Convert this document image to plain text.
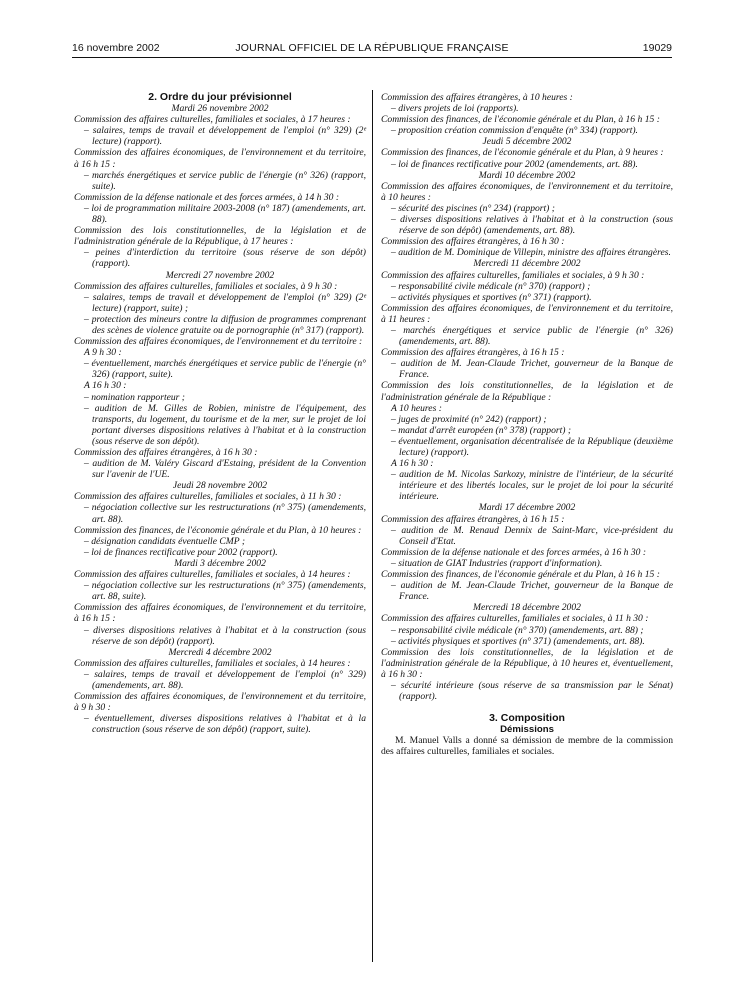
16 novembre 2002	JOURNAL OFFICIEL DE LA RÉPUBLIQUE FRANÇAISE	19029

2. Ordre du jour prévisionnel

Mardi 26 novembre 2002

Commission des affaires culturelles, familiales et sociales, à 17 heures :

– salaires, temps de travail et développement de l'emploi (n° 329) (2ᵉ lecture) (rapport).

Commission des affaires économiques, de l'environnement et du territoire, à 16 h 15 :

– marchés énergétiques et service public de l'énergie (n° 326) (rapport, suite).

Commission de la défense nationale et des forces armées, à 14 h 30 :

– loi de programmation militaire 2003-2008 (n° 187) (amendements, art. 88).

Commission des lois constitutionnelles, de la législation et de l'administration générale de la République, à 17 heures :

– peines d'interdiction du territoire (sous réserve de son dépôt) (rapport).

Mercredi 27 novembre 2002

Commission des affaires culturelles, familiales et sociales, à 9 h 30 :

– salaires, temps de travail et développement de l'emploi (n° 329) (2ᵉ lecture) (rapport, suite) ;

– protection des mineurs contre la diffusion de programmes comprenant des scènes de violence gratuite ou de pornographie (n° 317) (rapport).

Commission des affaires économiques, de l'environnement et du territoire :

A 9 h 30 :

– éventuellement, marchés énergétiques et service public de l'énergie (n° 326) (rapport, suite).

A 16 h 30 :

– nomination rapporteur ;

– audition de M. Gilles de Robien, ministre de l'équipement, des transports, du logement, du tourisme et de la mer, sur le projet de loi portant diverses dispositions relatives à l'habitat et à la construction (sous réserve de son dépôt).

Commission des affaires étrangères, à 16 h 30 :

– audition de M. Valéry Giscard d'Estaing, président de la Convention sur l'avenir de l'UE.

Jeudi 28 novembre 2002

Commission des affaires culturelles, familiales et sociales, à 11 h 30 :

– négociation collective sur les restructurations (n° 375) (amendements, art. 88).

Commission des finances, de l'économie générale et du Plan, à 10 heures :

– désignation candidats éventuelle CMP ;

– loi de finances rectificative pour 2002 (rapport).

Mardi 3 décembre 2002

Commission des affaires culturelles, familiales et sociales, à 14 heures :

– négociation collective sur les restructurations (n° 375) (amendements, art. 88, suite).

Commission des affaires économiques, de l'environnement et du territoire, à 16 h 15 :

– diverses dispositions relatives à l'habitat et à la construction (sous réserve de son dépôt) (rapport).

Mercredi 4 décembre 2002

Commission des affaires culturelles, familiales et sociales, à 14 heures :

– salaires, temps de travail et développement de l'emploi (n° 329) (amendements, art. 88).

Commission des affaires économiques, de l'environnement et du territoire, à 9 h 30 :

– éventuellement, diverses dispositions relatives à l'habitat et à la construction (sous réserve de son dépôt) (rapport, suite).

Commission des affaires étrangères, à 10 heures :

– divers projets de loi (rapports).

Commission des finances, de l'économie générale et du Plan, à 16 h 15 :

– proposition création commission d'enquête (n° 334) (rapport).

Jeudi 5 décembre 2002

Commission des finances, de l'économie générale et du Plan, à 9 heures :

– loi de finances rectificative pour 2002 (amendements, art. 88).

Mardi 10 décembre 2002

Commission des affaires économiques, de l'environnement et du territoire, à 10 heures :

– sécurité des piscines (n° 234) (rapport) ;

– diverses dispositions relatives à l'habitat et à la construction (sous réserve de son dépôt) (amendements, art. 88).

Commission des affaires étrangères, à 16 h 30 :

– audition de M. Dominique de Villepin, ministre des affaires étrangères.

Mercredi 11 décembre 2002

Commission des affaires culturelles, familiales et sociales, à 9 h 30 :

– responsabilité civile médicale (n° 370) (rapport) ;

– activités physiques et sportives (n° 371) (rapport).

Commission des affaires économiques, de l'environnement et du territoire, à 11 heures :

– marchés énergétiques et service public de l'énergie (n° 326) (amendements, art. 88).

Commission des affaires étrangères, à 16 h 15 :

– audition de M. Jean-Claude Trichet, gouverneur de la Banque de France.

Commission des lois constitutionnelles, de la législation et de l'administration générale de la République :

A 10 heures :

– juges de proximité (n° 242) (rapport) ;

– mandat d'arrêt européen (n° 378) (rapport) ;

– éventuellement, organisation décentralisée de la République (deuxième lecture) (rapport).

A 16 h 30 :

– audition de M. Nicolas Sarkozy, ministre de l'intérieur, de la sécurité intérieure et des libertés locales, sur le projet de loi pour la sécurité intérieure.

Mardi 17 décembre 2002

Commission des affaires étrangères, à 16 h 15 :

– audition de M. Renaud Dennix de Saint-Marc, vice-président du Conseil d'Etat.

Commission de la défense nationale et des forces armées, à 16 h 30 :

– situation de GIAT Industries (rapport d'information).

Commission des finances, de l'économie générale et du Plan, à 16 h 15 :

– audition de M. Jean-Claude Trichet, gouverneur de la Banque de France.

Mercredi 18 décembre 2002

Commission des affaires culturelles, familiales et sociales, à 11 h 30 :

– responsabilité civile médicale (n° 370) (amendements, art. 88) ;

– activités physiques et sportives (n° 371) (amendements, art. 88).

Commission des lois constitutionnelles, de la législation et de l'administration générale de la République, à 10 heures et, éventuellement, à 16 h 30 :

– sécurité intérieure (sous réserve de sa transmission par le Sénat) (rapport).

3. Composition

Démissions

M. Manuel Valls a donné sa démission de membre de la commission des affaires culturelles, familiales et sociales.
